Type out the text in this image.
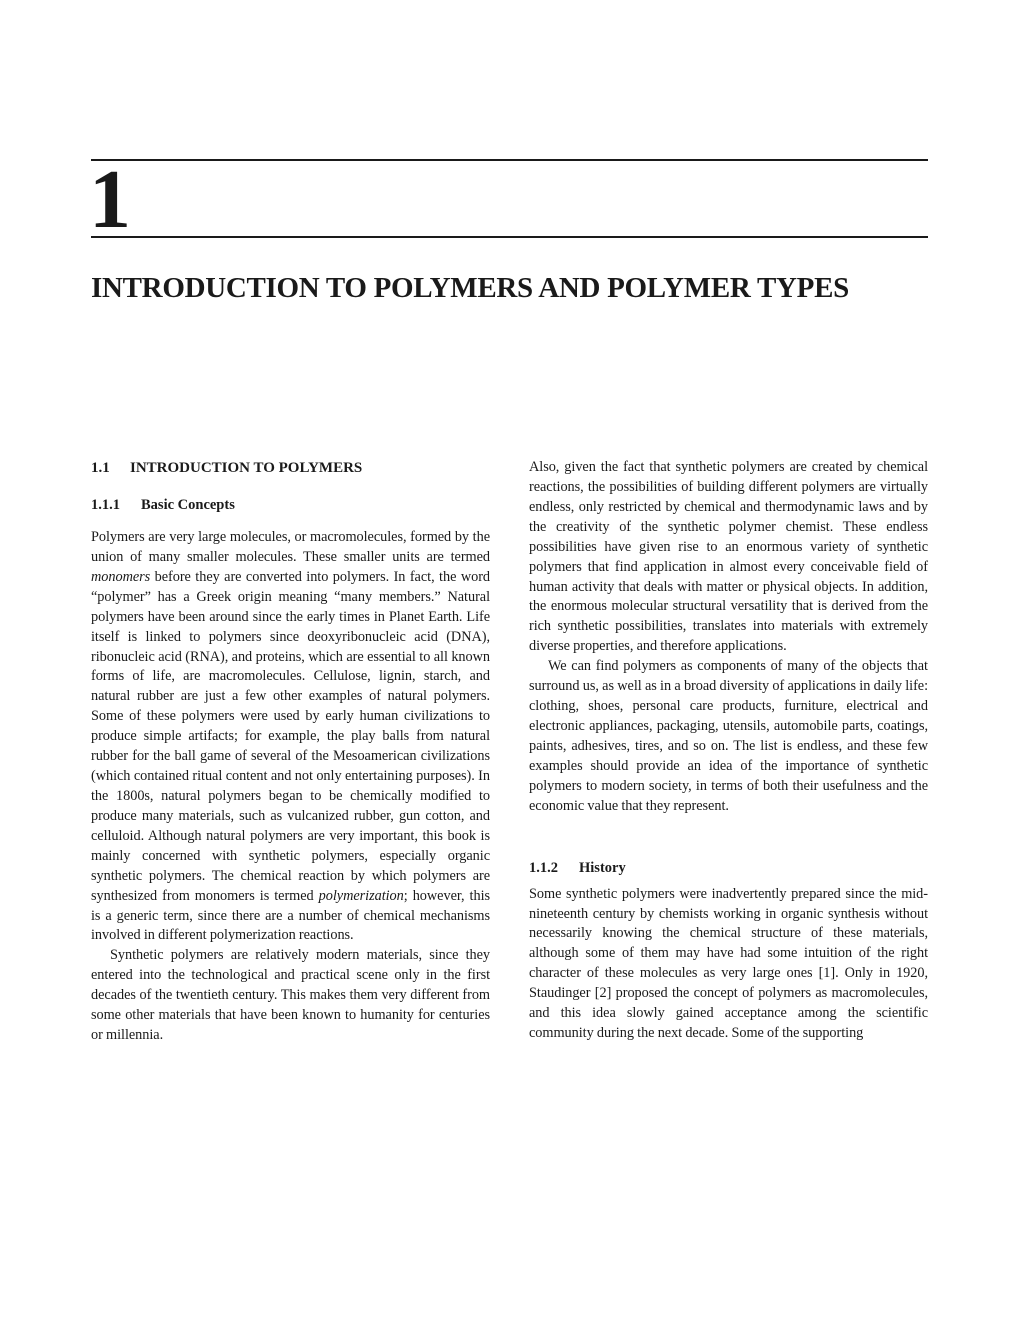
1
INTRODUCTION TO POLYMERS AND POLYMER TYPES
1.1 INTRODUCTION TO POLYMERS
1.1.1 Basic Concepts

Polymers are very large molecules, or macromolecules, formed by the union of many smaller molecules. These smaller units are termed monomers before they are converted into polymers. In fact, the word “polymer” has a Greek origin meaning “many members.” Natural polymers have been around since the early times in Planet Earth. Life itself is linked to polymers since deoxyribonucleic acid (DNA), ribonucleic acid (RNA), and proteins, which are essential to all known forms of life, are macromolecules. Cellulose, lignin, starch, and natural rubber are just a few other examples of natural polymers. Some of these polymers were used by early human civilizations to produce simple artifacts; for example, the play balls from natural rubber for the ball game of several of the Mesoamerican civilizations (which contained ritual content and not only entertaining purposes). In the 1800s, natural polymers began to be chemically modified to produce many materials, such as vulcanized rubber, gun cotton, and celluloid. Although natural polymers are very important, this book is mainly concerned with synthetic polymers, especially organic synthetic polymers. The chemical reaction by which polymers are synthesized from monomers is termed polymerization; however, this is a generic term, since there are a number of chemical mechanisms involved in different polymerization reactions.

Synthetic polymers are relatively modern materials, since they entered into the technological and practical scene only in the first decades of the twentieth century. This makes them very different from some other materials that have been known to humanity for centuries or millennia.

Also, given the fact that synthetic polymers are created by chemical reactions, the possibilities of building different polymers are virtually endless, only restricted by chemical and thermodynamic laws and by the creativity of the synthetic polymer chemist. These endless possibilities have given rise to an enormous variety of synthetic polymers that find application in almost every conceivable field of human activity that deals with matter or physical objects. In addition, the enormous molecular structural versatility that is derived from the rich synthetic possibilities, translates into materials with extremely diverse properties, and therefore applications.

We can find polymers as components of many of the objects that surround us, as well as in a broad diversity of applications in daily life: clothing, shoes, personal care products, furniture, electrical and electronic appliances, packaging, utensils, automobile parts, coatings, paints, adhesives, tires, and so on. The list is endless, and these few examples should provide an idea of the importance of synthetic polymers to modern society, in terms of both their usefulness and the economic value that they represent.

1.1.2 History

Some synthetic polymers were inadvertently prepared since the mid-nineteenth century by chemists working in organic synthesis without necessarily knowing the chemical structure of these materials, although some of them may have had some intuition of the right character of these molecules as very large ones [1]. Only in 1920, Staudinger [2] proposed the concept of polymers as macromolecules, and this idea slowly gained acceptance among the scientific community during the next decade. Some of the supporting
